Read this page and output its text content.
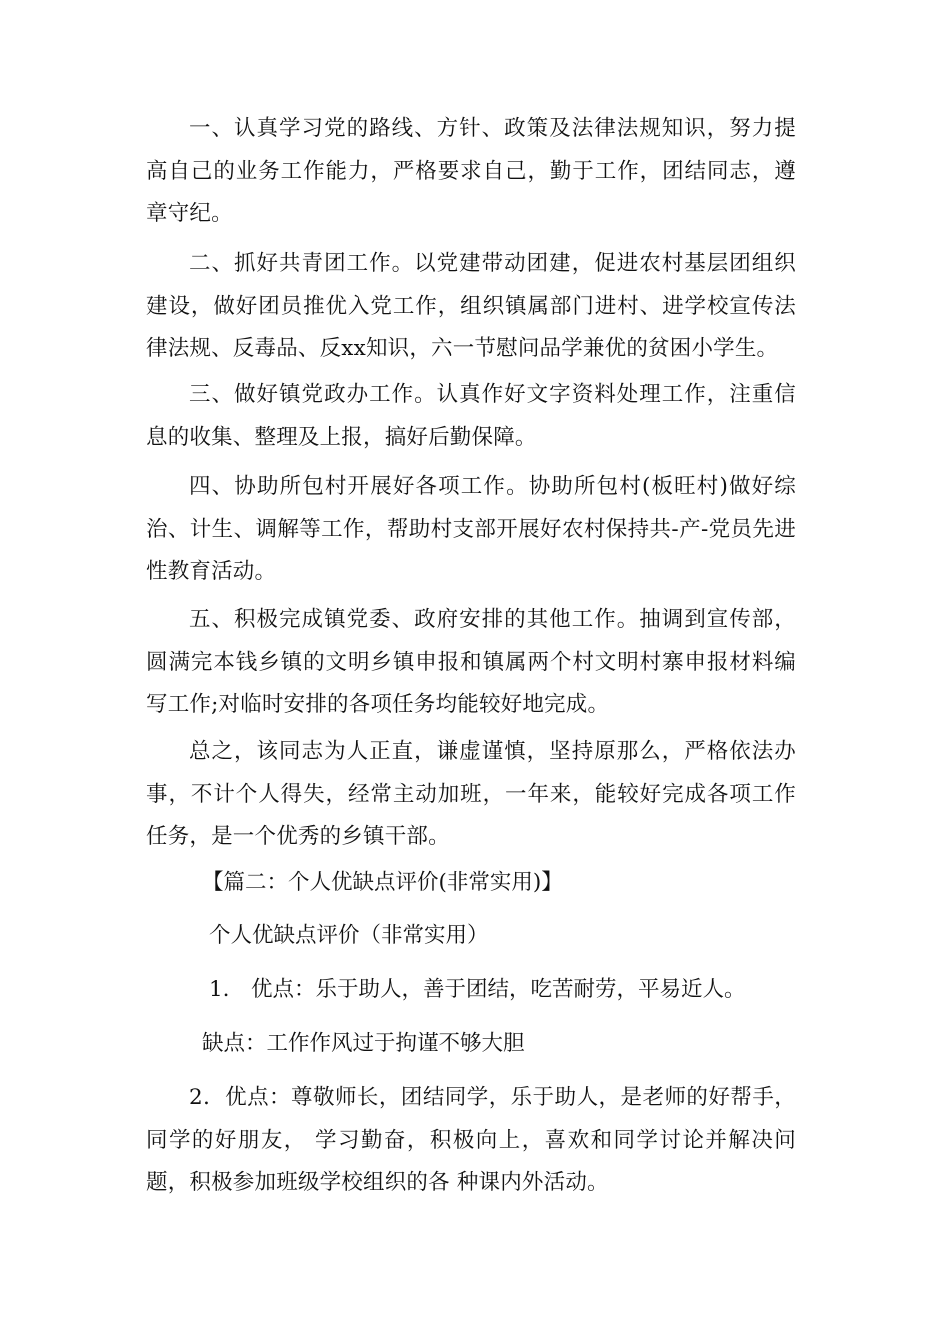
一、认真学习党的路线、方针、政策及法律法规知识，努力提高自己的业务工作能力，严格要求自己，勤于工作，团结同志，遵章守纪。

二、抓好共青团工作。以党建带动团建，促进农村基层团组织建设，做好团员推优入党工作，组织镇属部门进村、进学校宣传法律法规、反毒品、反xx知识，六一节慰问品学兼优的贫困小学生。

三、做好镇党政办工作。认真作好文字资料处理工作，注重信息的收集、整理及上报，搞好后勤保障。

四、协助所包村开展好各项工作。协助所包村(板旺村)做好综治、计生、调解等工作，帮助村支部开展好农村保持共-产-党员先进性教育活动。

五、积极完成镇党委、政府安排的其他工作。抽调到宣传部，圆满完本钱乡镇的文明乡镇申报和镇属两个村文明村寨申报材料编写工作;对临时安排的各项任务均能较好地完成。

总之，该同志为人正直，谦虚谨慎，坚持原那么，严格依法办事，不计个人得失，经常主动加班，一年来，能较好完成各项工作任务，是一个优秀的乡镇干部。

【篇二：个人优缺点评价(非常实用)】

个人优缺点评价（非常实用）

1.　优点：乐于助人，善于团结，吃苦耐劳，平易近人。

缺点：工作作风过于拘谨不够大胆

2．优点：尊敬师长，团结同学，乐于助人，是老师的好帮手，同学的好朋友， 学习勤奋，积极向上，喜欢和同学讨论并解决问题，积极参加班级学校组织的各 种课内外活动。
